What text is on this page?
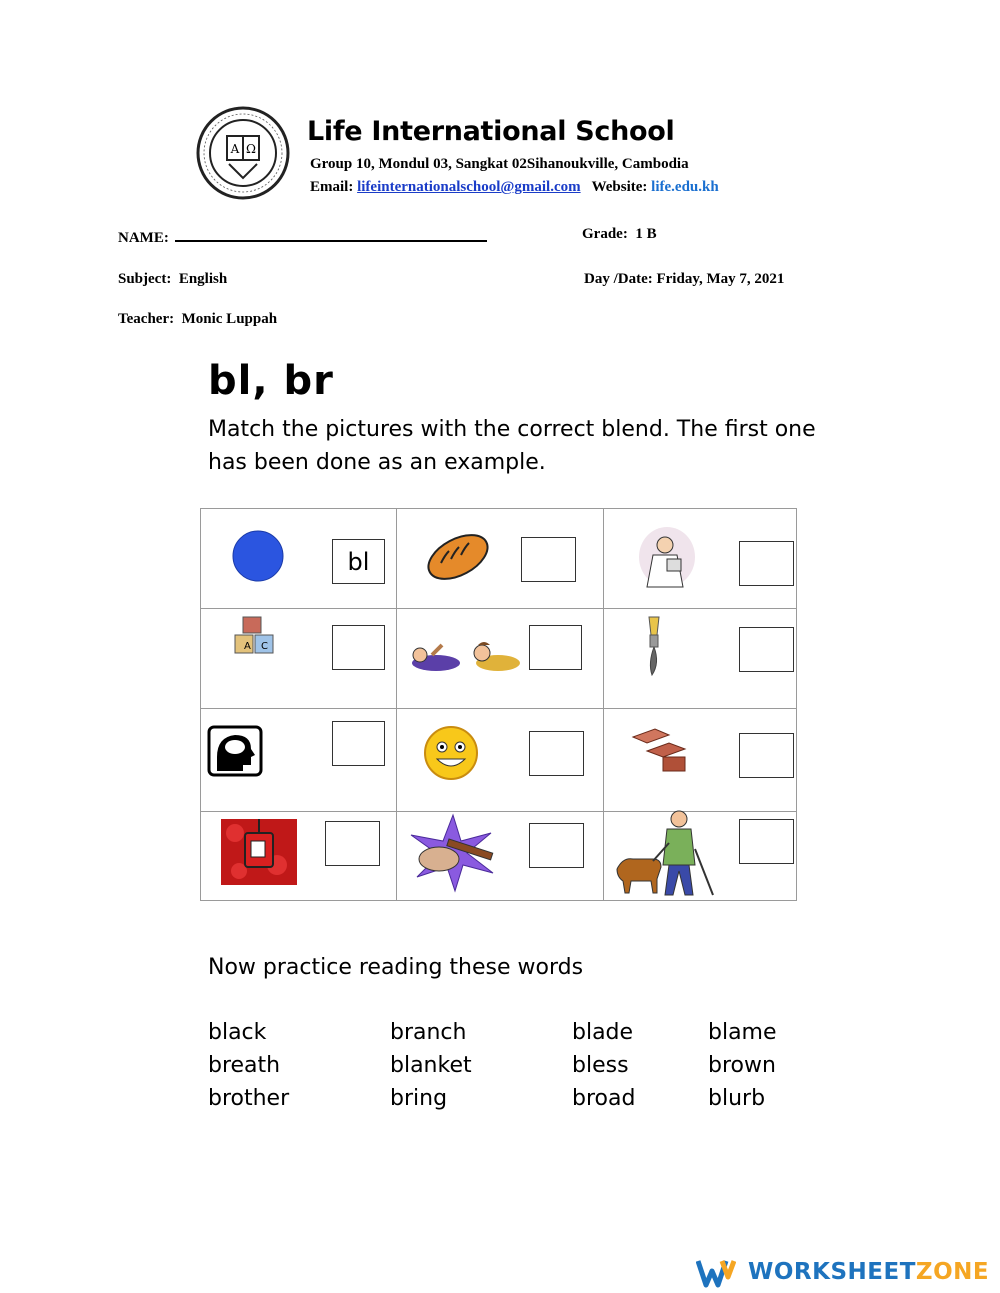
A Ω
Life International School
Group 10, Mondul 03, Sangkat 02Sihanoukville, Cambodia
Email: lifeinternationalschool@gmail.com Website: life.edu.kh
NAME:	Grade: 1 B
Subject: English	Day /Date: Friday, May 7, 2021
Teacher: Monic Luppah
bl, br
Match the pictures with the correct blend. The first one has been done as an example.
bl
A C
Now practice reading these words
black	branch	blade	blame
breath	blanket	bless	brown
brother	bring	broad	blurb
WORKSHEETZONE
